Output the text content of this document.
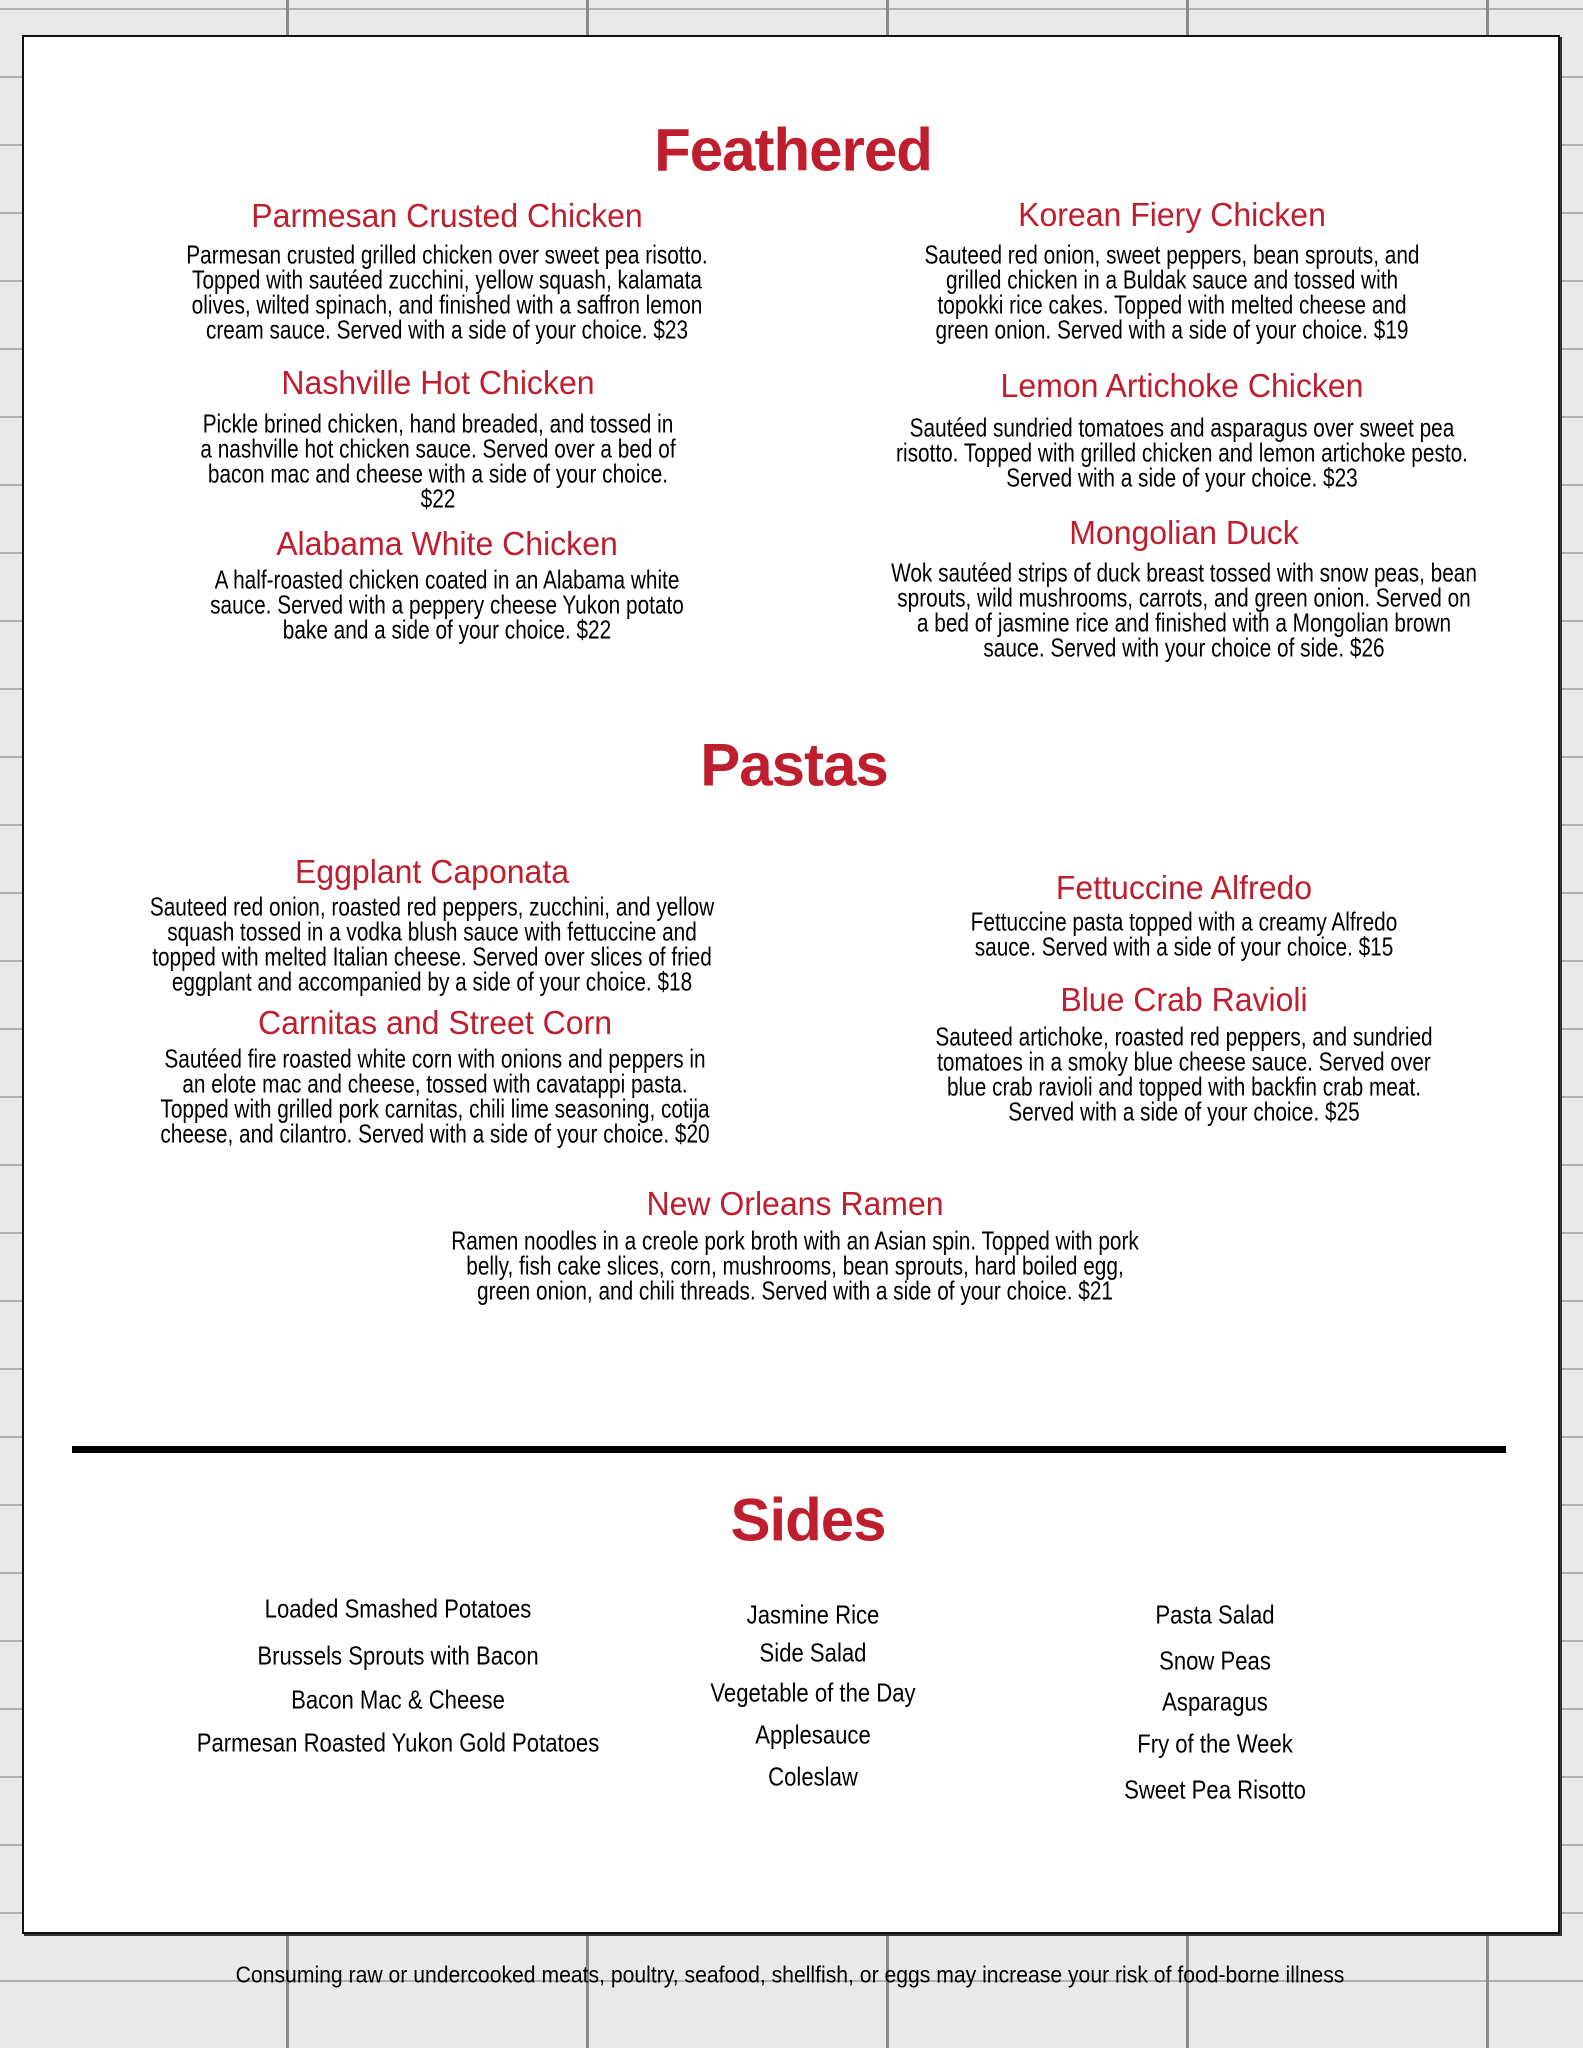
Feathered
Pastas
Sides
Parmesan Crusted Chicken
Parmesan crusted grilled chicken over sweet pea risotto.
Topped with sautéed zucchini, yellow squash, kalamata
olives, wilted spinach, and finished with a saffron lemon
cream sauce. Served with a side of your choice. $23
Korean Fiery Chicken
Sauteed red onion, sweet peppers, bean sprouts, and
grilled chicken in a Buldak sauce and tossed with
topokki rice cakes. Topped with melted cheese and
green onion. Served with a side of your choice. $19
Nashville Hot Chicken
Pickle brined chicken, hand breaded, and tossed in
a nashville hot chicken sauce. Served over a bed of
bacon mac and cheese with a side of your choice.
$22
Lemon Artichoke Chicken
Sautéed sundried tomatoes and asparagus over sweet pea
risotto. Topped with grilled chicken and lemon artichoke pesto.
Served with a side of your choice. $23
Alabama White Chicken
A half-roasted chicken coated in an Alabama white
sauce. Served with a peppery cheese Yukon potato
bake and a side of your choice. $22
Mongolian Duck
Wok sautéed strips of duck breast tossed with snow peas, bean
sprouts, wild mushrooms, carrots, and green onion. Served on
a bed of jasmine rice and finished with a Mongolian brown
sauce. Served with your choice of side. $26
Eggplant Caponata
Sauteed red onion, roasted red peppers, zucchini, and yellow
squash tossed in a vodka blush sauce with fettuccine and
topped with melted Italian cheese. Served over slices of fried
eggplant and accompanied by a side of your choice. $18
Fettuccine Alfredo
Fettuccine pasta topped with a creamy Alfredo
sauce. Served with a side of your choice. $15
Carnitas and Street Corn
Sautéed fire roasted white corn with onions and peppers in
an elote mac and cheese, tossed with cavatappi pasta.
Topped with grilled pork carnitas, chili lime seasoning, cotija
cheese, and cilantro. Served with a side of your choice. $20
Blue Crab Ravioli
Sauteed artichoke, roasted red peppers, and sundried
tomatoes in a smoky blue cheese sauce. Served over
blue crab ravioli and topped with backfin crab meat.
Served with a side of your choice. $25
New Orleans Ramen
Ramen noodles in a creole pork broth with an Asian spin. Topped with pork
belly, fish cake slices, corn, mushrooms, bean sprouts, hard boiled egg,
green onion, and chili threads. Served with a side of your choice. $21
Loaded Smashed Potatoes
Brussels Sprouts with Bacon
Bacon Mac & Cheese
Parmesan Roasted Yukon Gold Potatoes
Jasmine Rice
Side Salad
Vegetable of the Day
Applesauce
Coleslaw
Pasta Salad
Snow Peas
Asparagus
Fry of the Week
Sweet Pea Risotto
Consuming raw or undercooked meats, poultry, seafood, shellfish, or eggs may increase your risk of food-borne illness
